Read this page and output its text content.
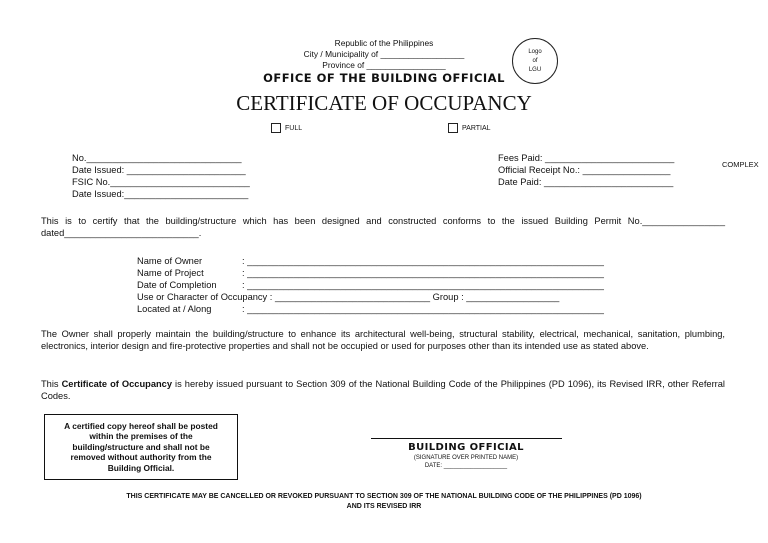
Republic of the Philippines
City / Municipality of __________________
Province of _________________
OFFICE OF THE BUILDING OFFICIAL
Logo
of
LGU
CERTIFICATE OF OCCUPANCY
FULL	PARTIAL
No.______________________________
Date Issued: _______________________
FSIC No.___________________________
Date Issued:________________________
Fees Paid: _________________________
Official Receipt No.: _________________
Date Paid: _________________________
COMPLEX
This is to certify that the building/structure which has been designed and constructed conforms to the issued Building Permit No.________________ dated__________________________.
Name of Owner	: _____________________________________________________________________
Name of Project	: _____________________________________________________________________
Date of Completion	: _____________________________________________________________________
Use or Character of Occupancy : ______________________________ Group : __________________
Located at / Along	: _____________________________________________________________________
The Owner shall properly maintain the building/structure to enhance its architectural well-being, structural stability, electrical, mechanical, sanitation, plumbing, electronics, interior design and fire-protective properties and shall not be occupied or used for purposes other than its intended use as stated above.
This Certificate of Occupancy is hereby issued pursuant to Section 309 of the National Building Code of the Philippines (PD 1096), its Revised IRR, other Referral Codes.
A certified copy hereof shall be posted within the premises of the building/structure and shall not be removed without authority from the Building Official.
BUILDING OFFICIAL
(SIGNATURE OVER PRINTED NAME)
DATE: ___________________
THIS CERTIFICATE MAY BE CANCELLED OR REVOKED PURSUANT TO SECTION 309 OF THE NATIONAL BUILDING CODE OF THE PHILIPPINES (PD 1096)
AND ITS REVISED IRR
